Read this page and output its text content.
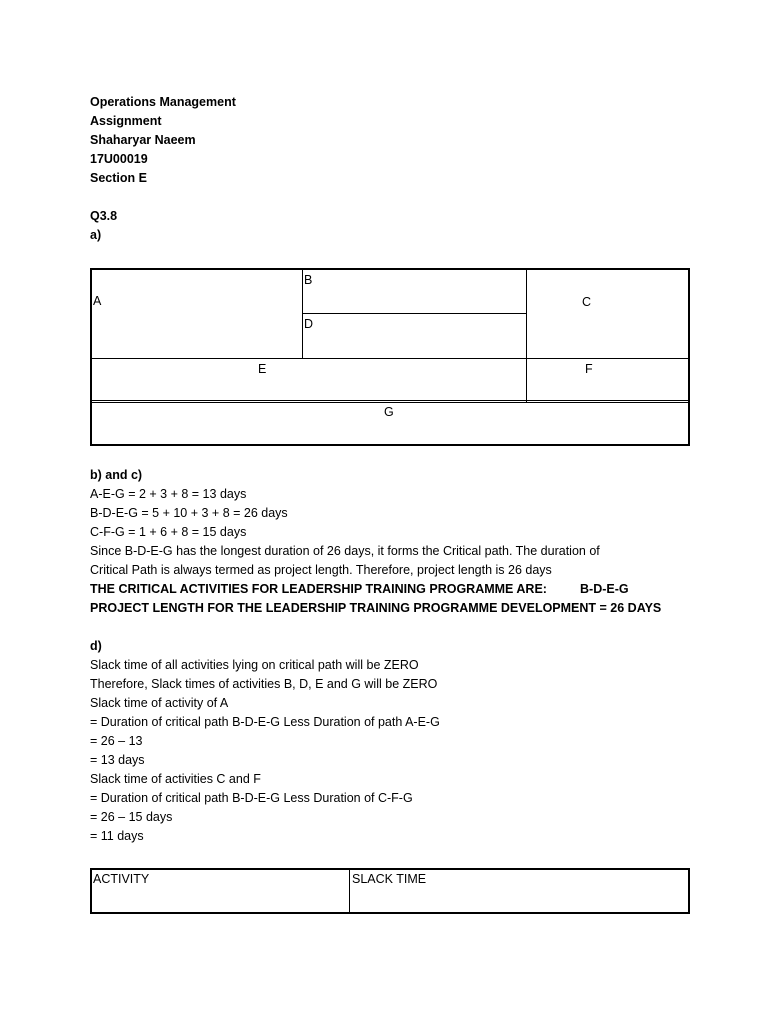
Operations Management
Assignment
Shaharyar Naeem
17U00019
Section E
Q3.8
a)
A
B
D
C
E	F
G
b) and c)
A-E-G = 2 + 3 + 8 = 13 days
B-D-E-G = 5 + 10 + 3 + 8 = 26 days
C-F-G = 1 + 6 + 8 = 15 days
Since B-D-E-G has the longest duration of 26 days, it forms the Critical path. The duration of
Critical Path is always termed as project length. Therefore, project length is 26 days
THE CRITICAL ACTIVITIES FOR LEADERSHIP TRAINING PROGRAMME ARE:	B-D-E-G
PROJECT LENGTH FOR THE LEADERSHIP TRAINING PROGRAMME DEVELOPMENT = 26 DAYS
d)
Slack time of all activities lying on critical path will be ZERO
Therefore, Slack times of activities B, D, E and G will be ZERO
Slack time of activity of A
= Duration of critical path B-D-E-G Less Duration of path A-E-G
= 26 – 13
= 13 days
Slack time of activities C and F
= Duration of critical path B-D-E-G Less Duration of C-F-G
= 26 – 15 days
= 11 days
ACTIVITY	SLACK TIME
